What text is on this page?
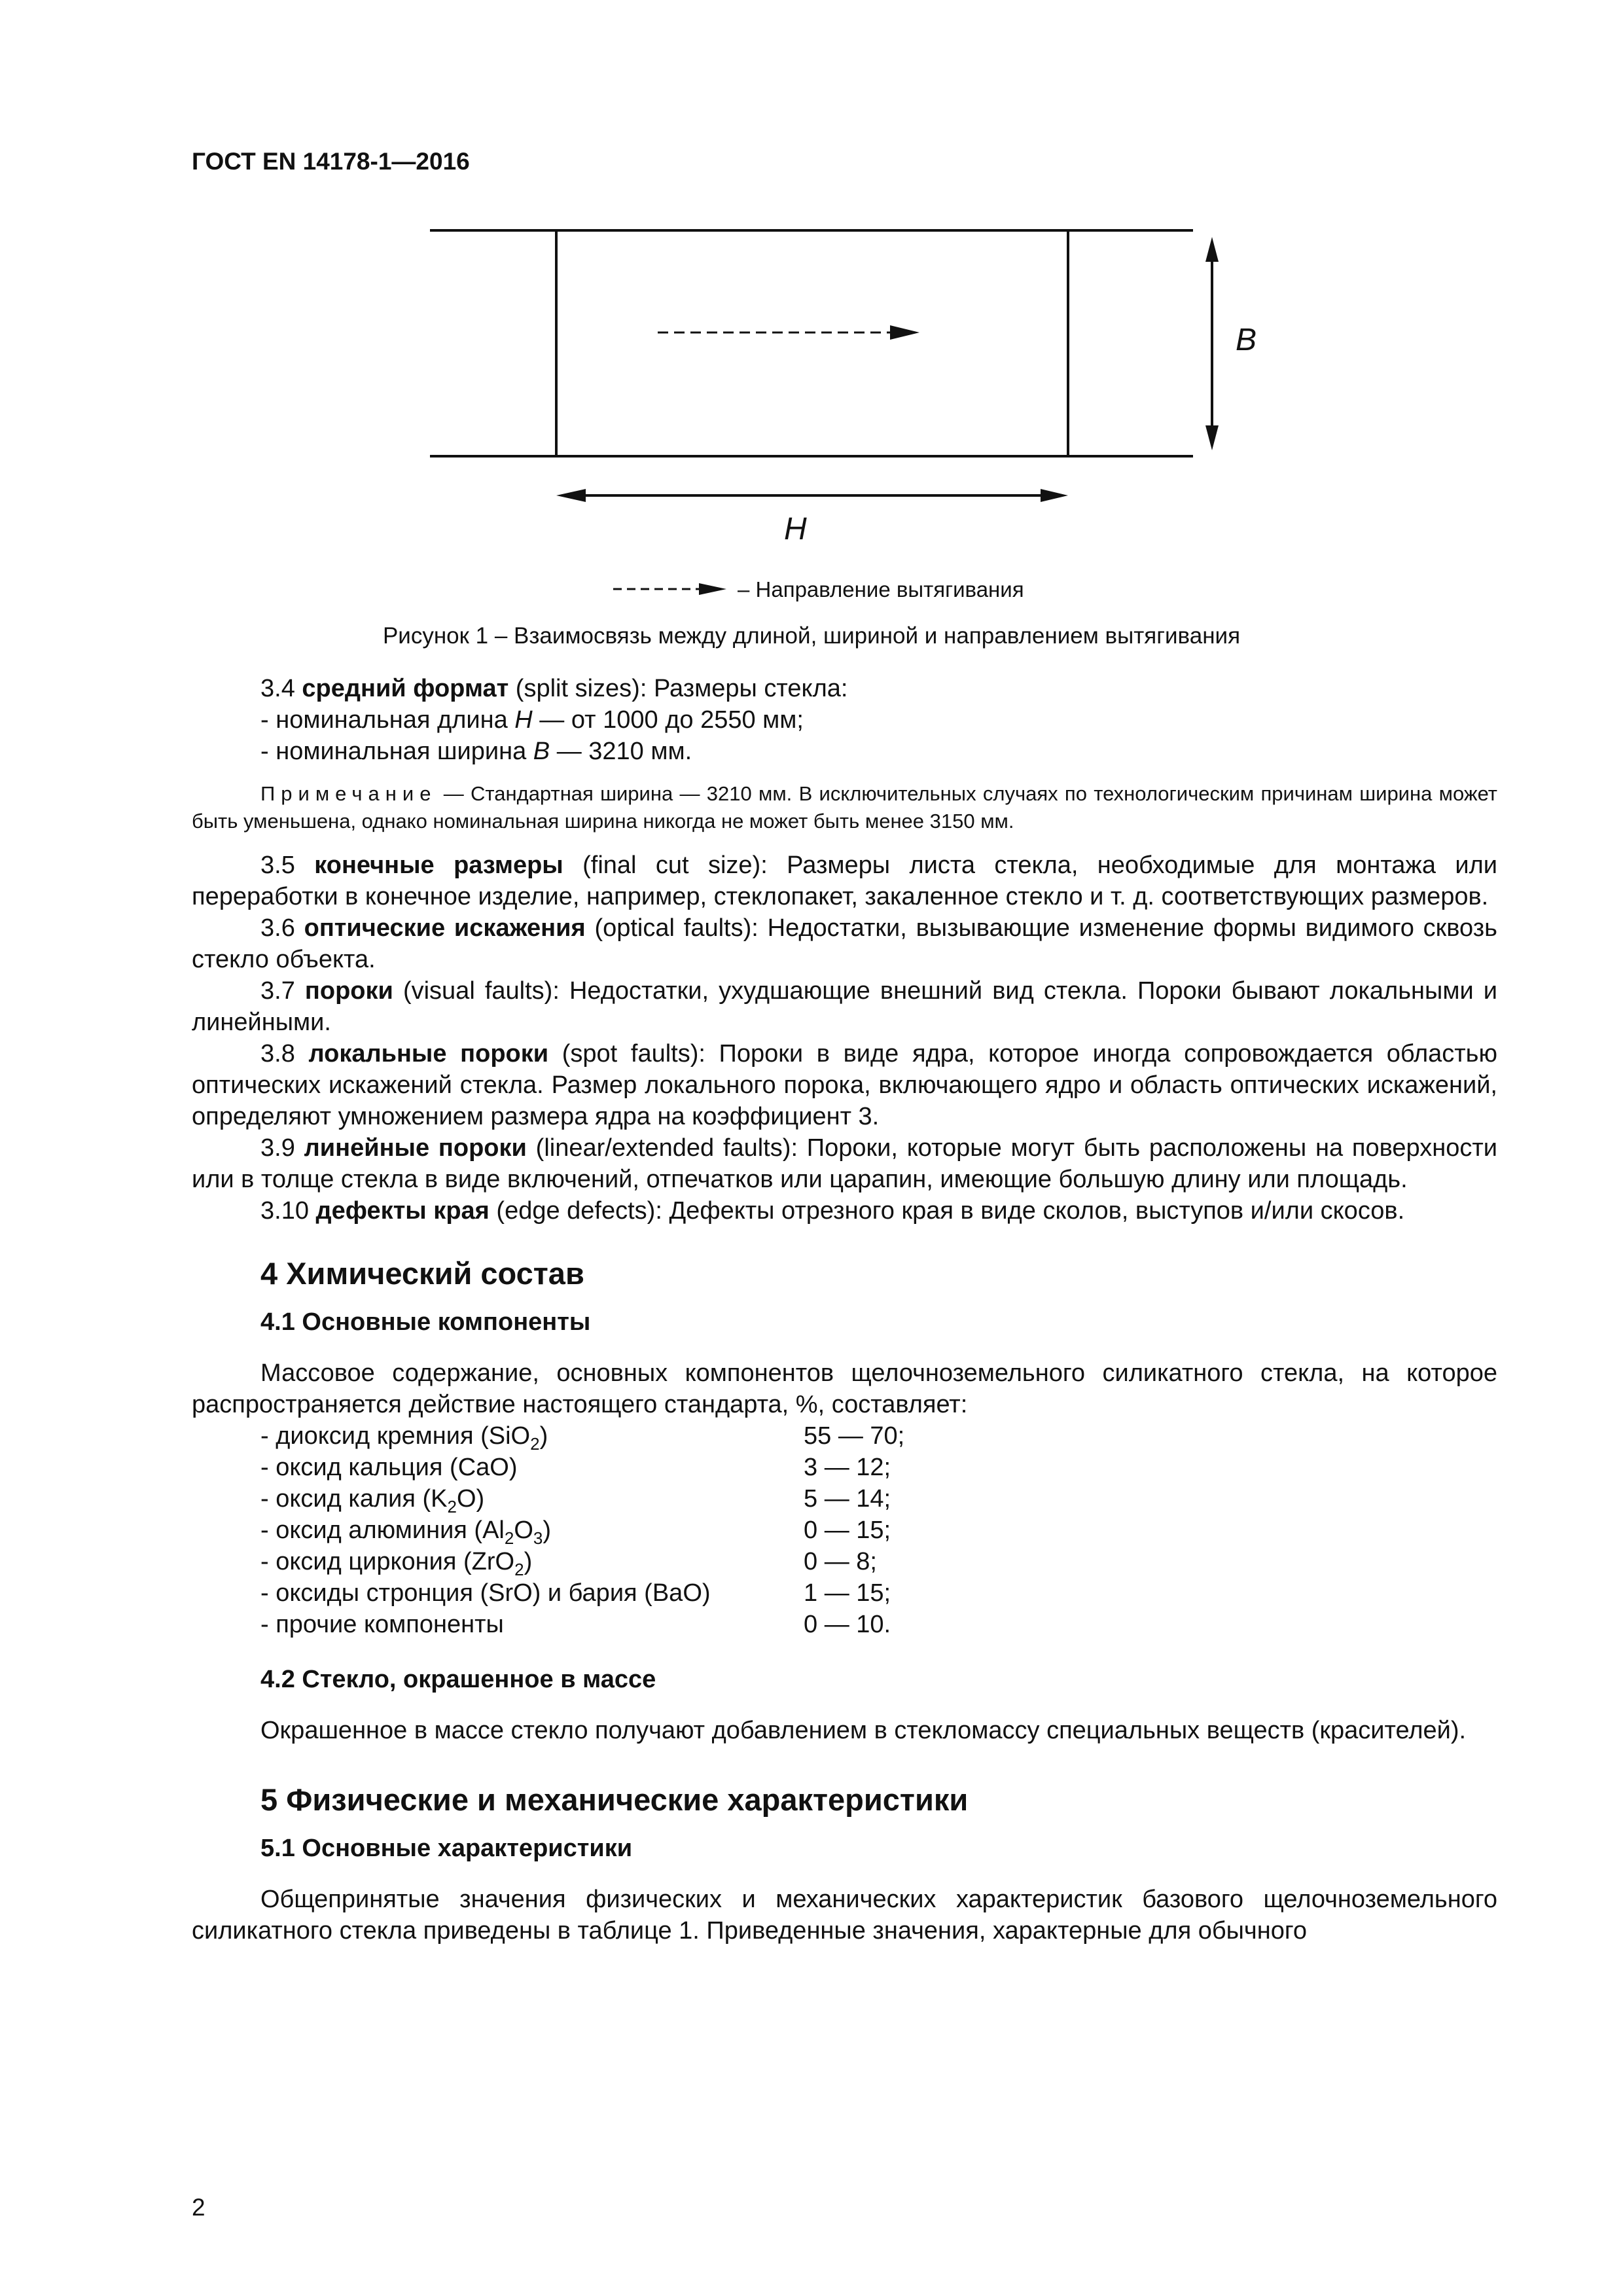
ГОСТ EN 14178-1—2016
B
H
– Направление вытягивания
Рисунок 1 – Взаимосвязь между длиной, шириной и направлением вытягивания

3.4 средний формат (split sizes): Размеры стекла:

- номинальная длина H — от 1000 до 2550 мм;

- номинальная ширина B — 3210 мм.

Примечание — Стандартная ширина — 3210 мм. В исключительных случаях по технологическим причинам ширина может быть уменьшена, однако номинальная ширина никогда не может быть менее 3150 мм.

3.5 конечные размеры (final cut size): Размеры листа стекла, необходимые для монтажа или переработки в конечное изделие, например, стеклопакет, закаленное стекло и т. д. соответствующих размеров.

3.6 оптические искажения (optical faults): Недостатки, вызывающие изменение формы видимого сквозь стекло объекта.

3.7 пороки (visual faults): Недостатки, ухудшающие внешний вид стекла. Пороки бывают локальными и линейными.

3.8 локальные пороки (spot faults): Пороки в виде ядра, которое иногда сопровождается областью оптических искажений стекла. Размер локального порока, включающего ядро и область оптических искажений, определяют умножением размера ядра на коэффициент 3.

3.9 линейные пороки (linear/extended faults): Пороки, которые могут быть расположены на поверхности или в толще стекла в виде включений, отпечатков или царапин, имеющие большую длину или площадь.

3.10 дефекты края (edge defects): Дефекты отрезного края в виде сколов, выступов и/или скосов.

4 Химический состав
4.1 Основные компоненты

Массовое содержание, основных компонентов щелочноземельного силикатного стекла, на которое распространяется действие настоящего стандарта, %, составляет:

- диоксид кремния (SiO$_2$)	55 — 70;
- оксид кальция (CaO)	3 — 12;
- оксид калия $(K_2O)$	5 — 14;
- оксид алюминия $(Al_2O_3)$	0 — 15;
- оксид циркония (ZrO$_2$)	0 — 8;
- оксиды стронция (SrO) и бария (BaO)	1 — 15;
- прочие компоненты	0 — 10.
4.2 Стекло, окрашенное в массе

Окрашенное в массе стекло получают добавлением в стекломассу специальных веществ (красителей).

5 Физические и механические характеристики
5.1 Основные характеристики

Общепринятые значения физических и механических характеристик базового щелочноземельного силикатного стекла приведены в таблице 1. Приведенные значения, характерные для обычного

2
